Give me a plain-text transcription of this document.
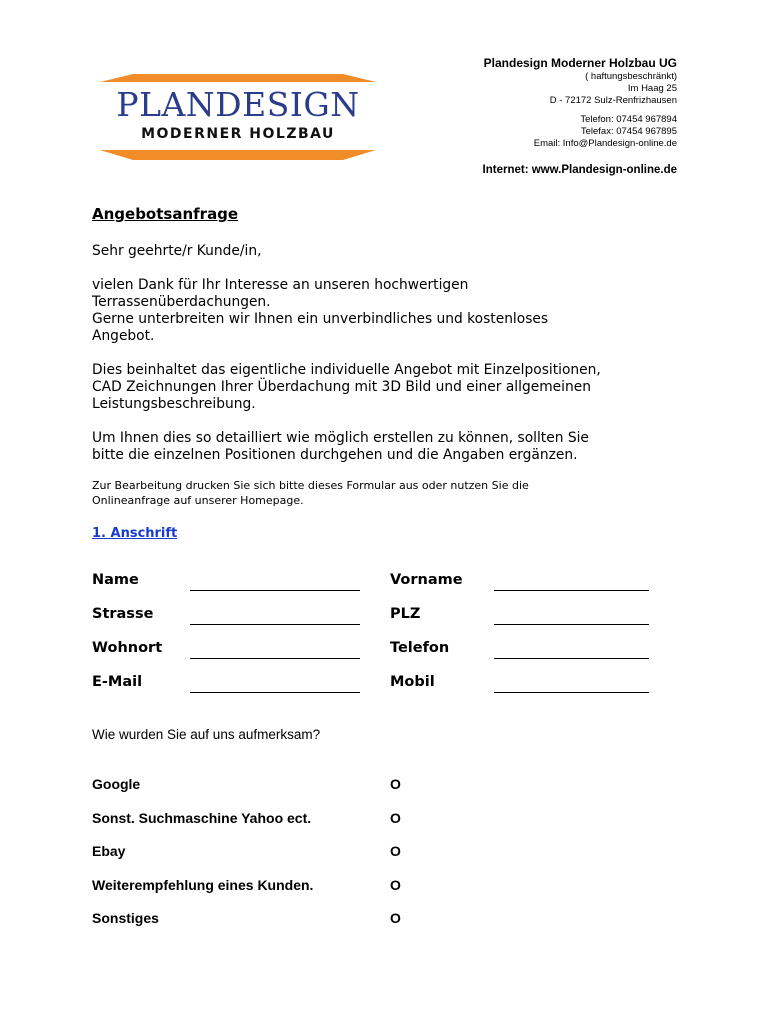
PLANDESIGN
MODERNER HOLZBAU
Plandesign Moderner Holzbau UG
( haftungsbeschränkt)
Im Haag 25
D - 72172 Sulz-Renfrizhausen
Telefon: 07454 967894
Telefax: 07454 967895
Email: Info@Plandesign-online.de
Internet: www.Plandesign-online.de

Angebotsanfrage

Sehr geehrte/r Kunde/in,

vielen Dank für Ihr Interesse an unseren hochwertigen

Terrassenüberdachungen.

Gerne unterbreiten wir Ihnen ein unverbindliches und kostenloses

Angebot.

Dies beinhaltet das eigentliche individuelle Angebot mit Einzelpositionen,

CAD Zeichnungen Ihrer Überdachung mit 3D Bild und einer allgemeinen

Leistungsbeschreibung.

Um Ihnen dies so detailliert wie möglich erstellen zu können, sollten Sie

bitte die einzelnen Positionen durchgehen und die Angaben ergänzen.

Zur Bearbeitung drucken Sie sich bitte dieses Formular aus oder nutzen Sie die

Onlineanfrage auf unserer Homepage.

1. Anschrift
Name	Vorname
Strasse	PLZ
Wohnort	Telefon
E-Mail	Mobil
Wie wurden Sie auf uns aufmerksam?
Google	O
Sonst. Suchmaschine Yahoo ect.	O
Ebay	O
Weiterempfehlung eines Kunden.	O
Sonstiges	O
